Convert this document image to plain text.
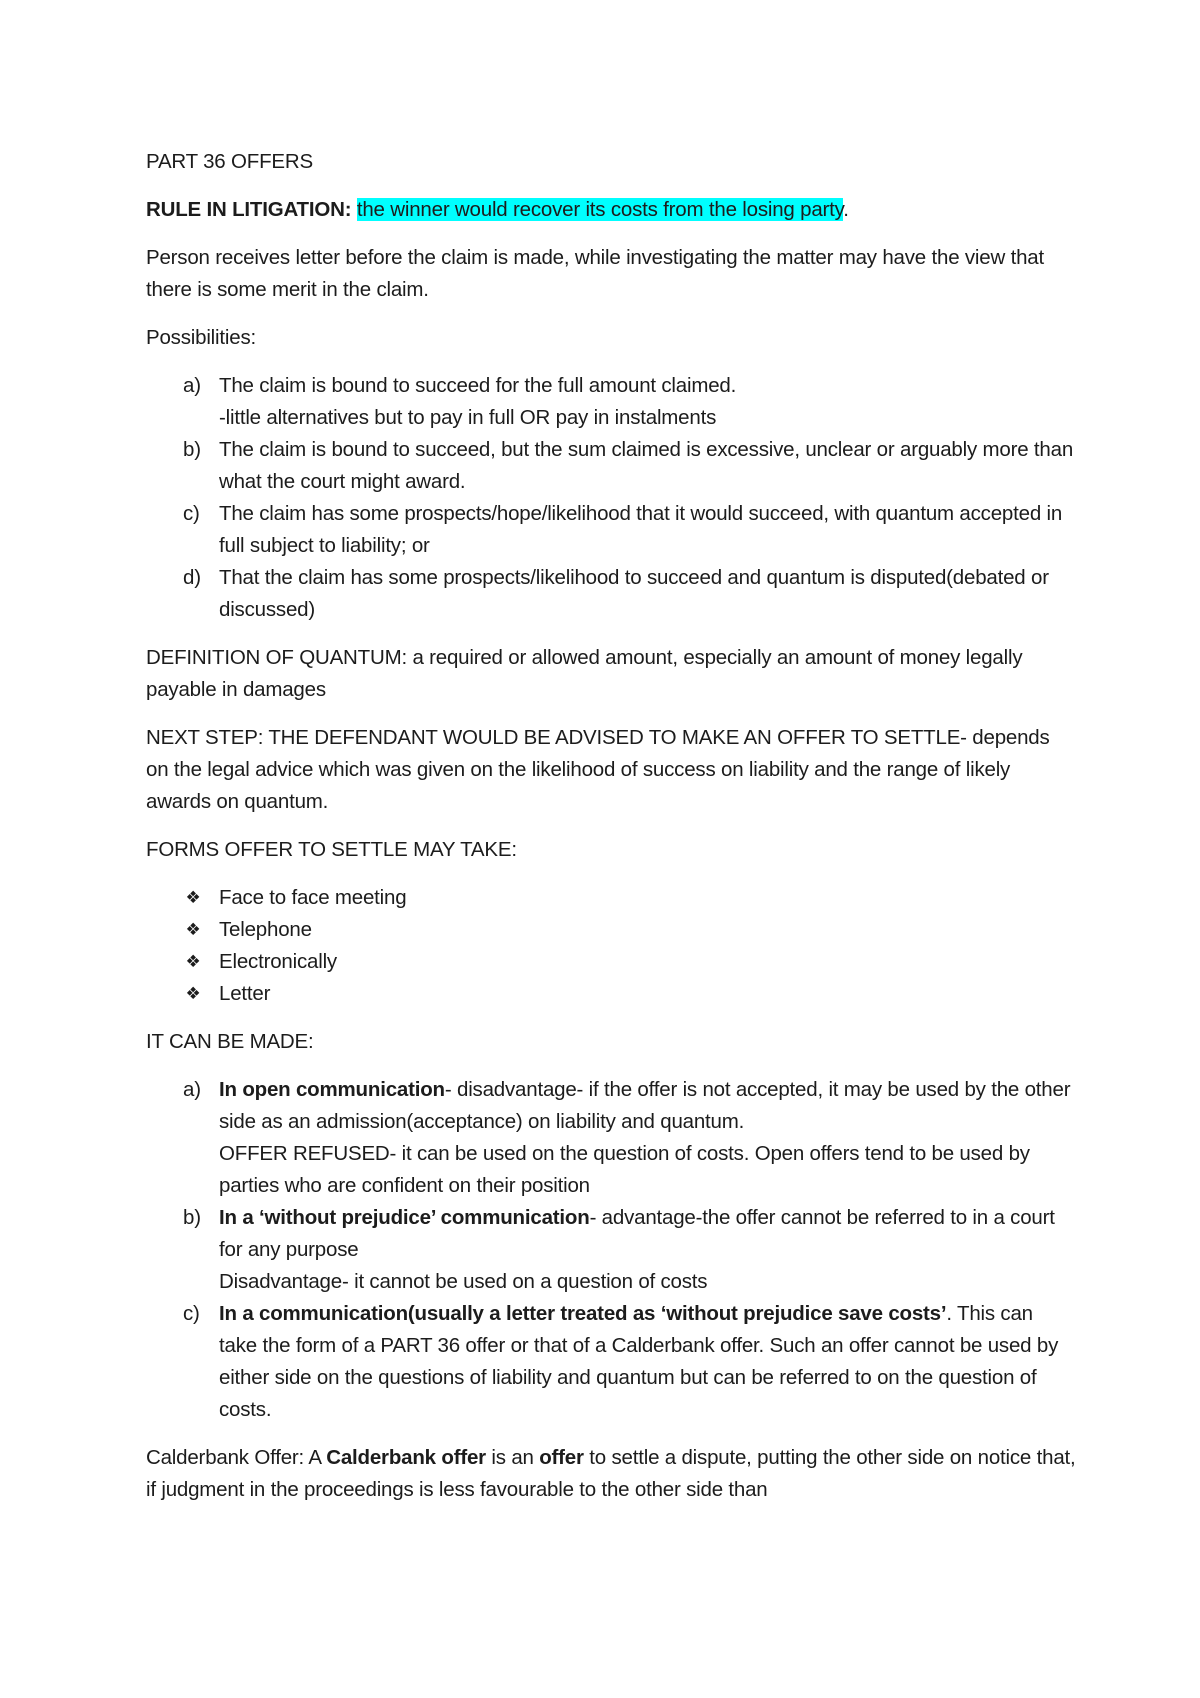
PART 36 OFFERS

RULE IN LITIGATION: the winner would recover its costs from the losing party.

Person receives letter before the claim is made, while investigating the matter may have the view that there is some merit in the claim.

Possibilities:

a) The claim is bound to succeed for the full amount claimed.
-little alternatives but to pay in full OR pay in instalments
b) The claim is bound to succeed, but the sum claimed is excessive, unclear or arguably more than what the court might award.
c) The claim has some prospects/hope/likelihood that it would succeed, with quantum accepted in full subject to liability; or
d) That the claim has some prospects/likelihood to succeed and quantum is disputed(debated or discussed)

DEFINITION OF QUANTUM: a required or allowed amount, especially an amount of money legally payable in damages

NEXT STEP: THE DEFENDANT WOULD BE ADVISED TO MAKE AN OFFER TO SETTLE- depends on the legal advice which was given on the likelihood of success on liability and the range of likely awards on quantum.

FORMS OFFER TO SETTLE MAY TAKE:

❖ Face to face meeting
❖ Telephone
❖ Electronically
❖ Letter

IT CAN BE MADE:

a) In open communication- disadvantage- if the offer is not accepted, it may be used by the other side as an admission(acceptance) on liability and quantum.
OFFER REFUSED- it can be used on the question of costs. Open offers tend to be used by parties who are confident on their position
b) In a ‘without prejudice’ communication- advantage-the offer cannot be referred to in a court for any purpose
Disadvantage- it cannot be used on a question of costs
c) In a communication(usually a letter treated as ‘without prejudice save costs’. This can take the form of a PART 36 offer or that of a Calderbank offer. Such an offer cannot be used by either side on the questions of liability and quantum but can be referred to on the question of costs.

Calderbank Offer: A Calderbank offer is an offer to settle a dispute, putting the other side on notice that, if judgment in the proceedings is less favourable to the other side than
